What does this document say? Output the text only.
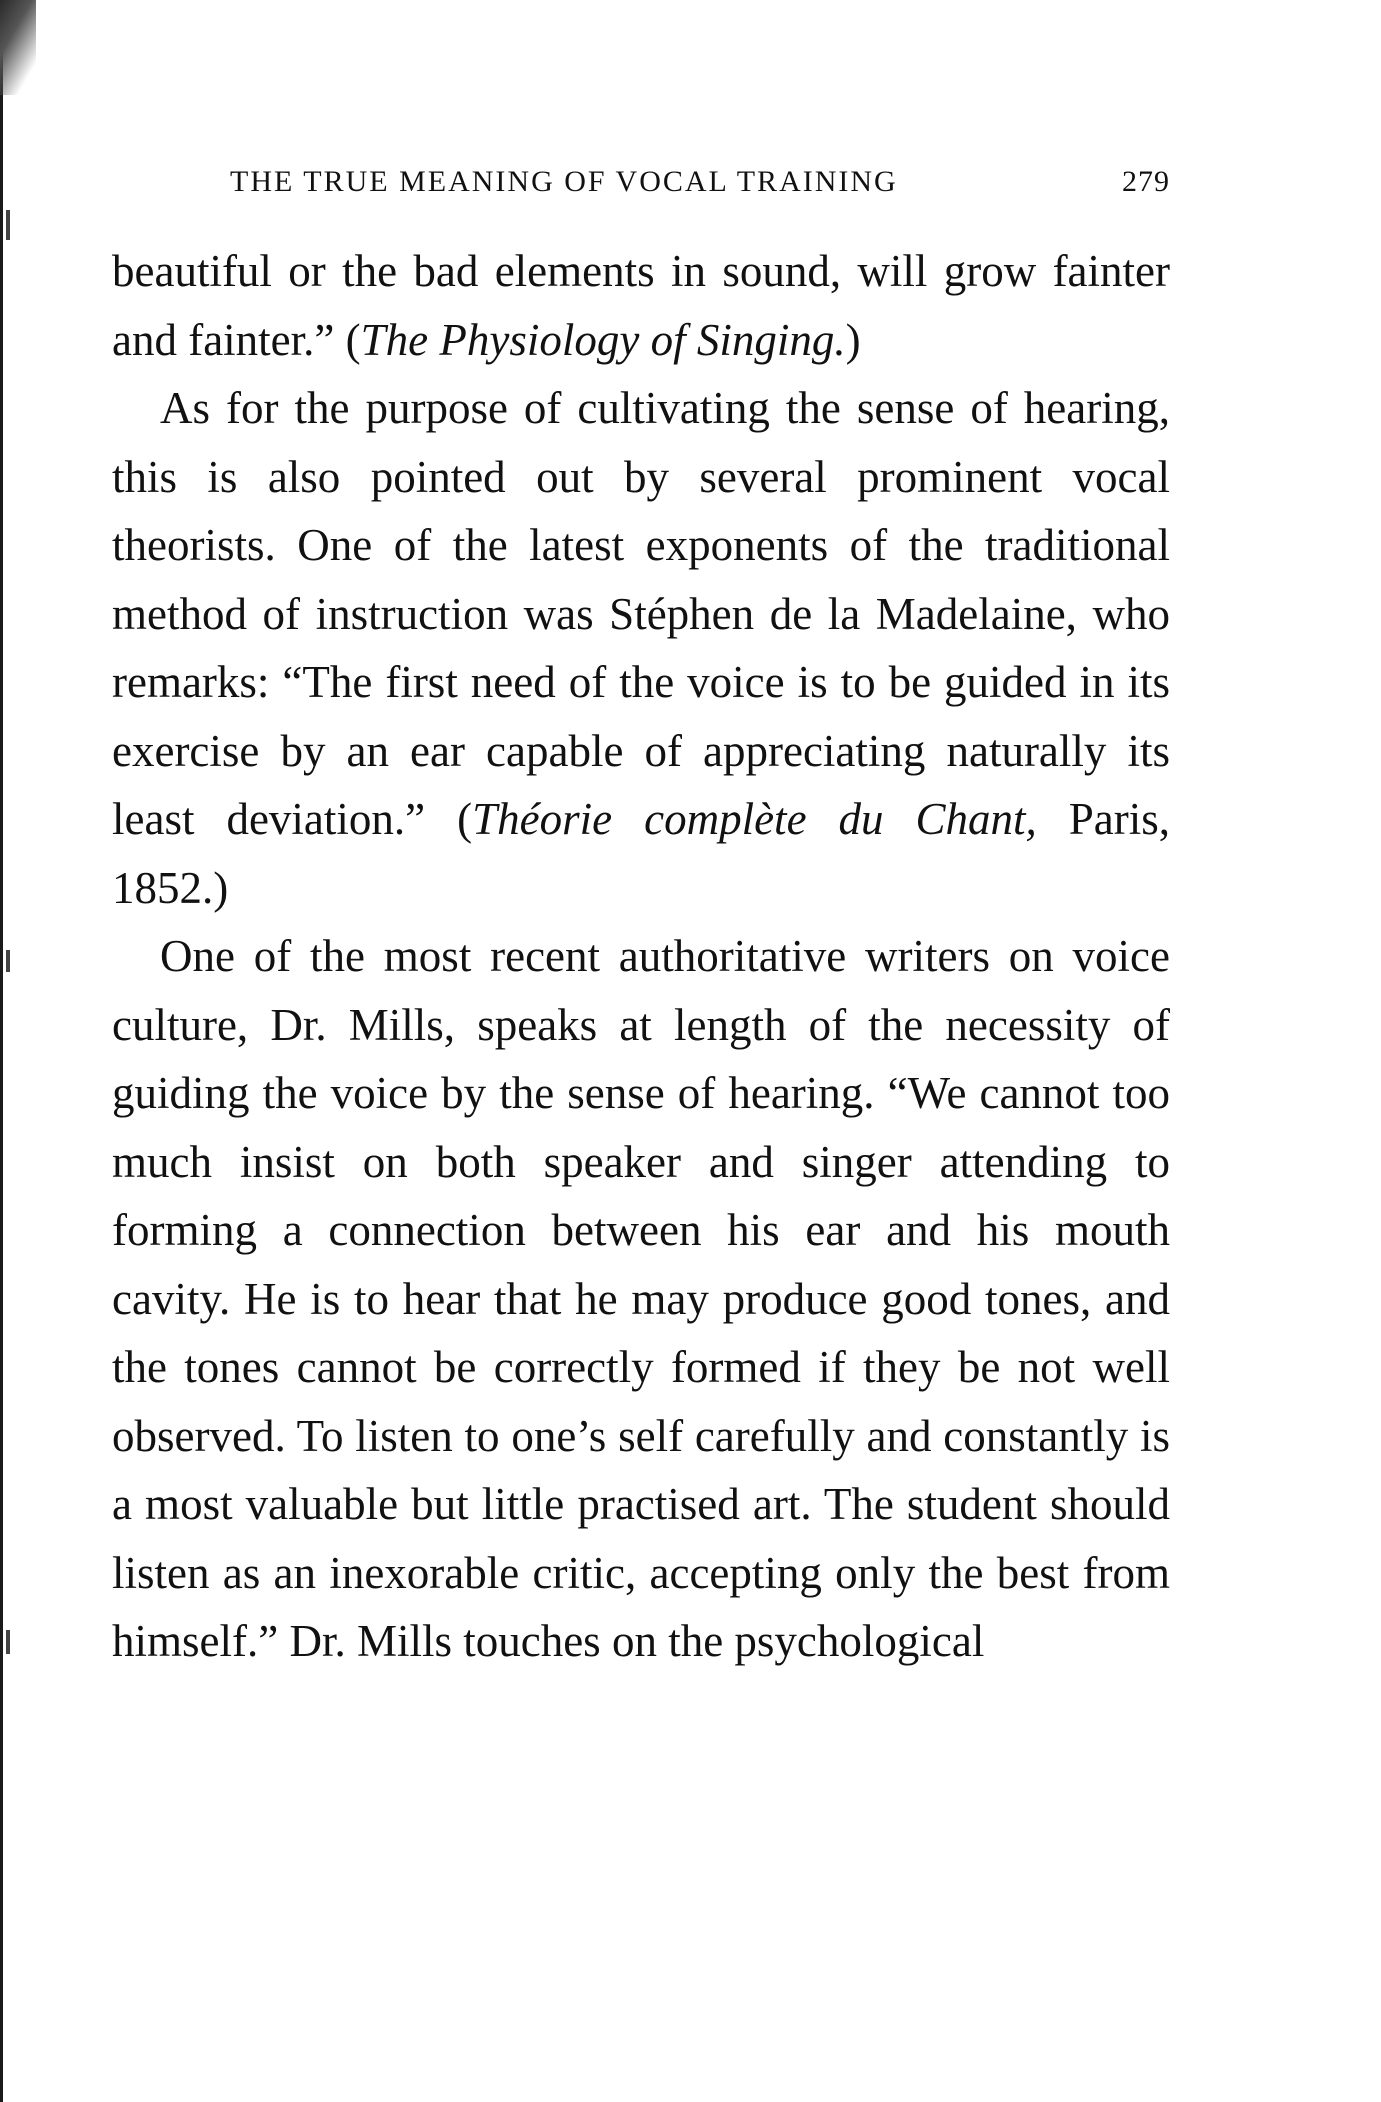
THE TRUE MEANING OF VOCAL TRAINING	279

beautiful or the bad elements in sound, will grow fainter and fainter.” (The Physiology of Singing.)

As for the purpose of cultivating the sense of hearing, this is also pointed out by several prominent vocal theorists. One of the latest exponents of the traditional method of instruction was Stéphen de la Madelaine, who remarks: “The first need of the voice is to be guided in its exercise by an ear capable of appreciating naturally its least deviation.” (Théorie complète du Chant, Paris, 1852.)

One of the most recent authoritative writers on voice culture, Dr. Mills, speaks at length of the necessity of guiding the voice by the sense of hearing. “We cannot too much insist on both speaker and singer attending to forming a connection between his ear and his mouth cavity. He is to hear that he may produce good tones, and the tones cannot be correctly formed if they be not well observed. To listen to one’s self carefully and constantly is a most valuable but little practised art. The student should listen as an inexorable critic, accepting only the best from himself.” Dr. Mills touches on the psychological
